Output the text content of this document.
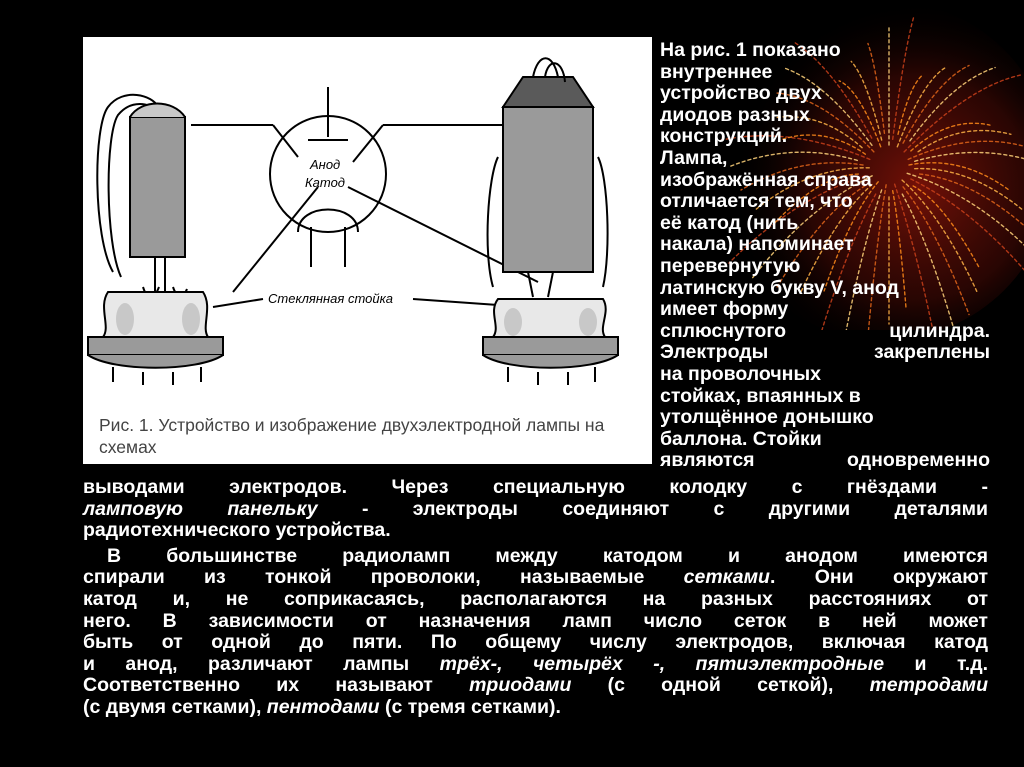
Анод
Катод
Стеклянная стойка
Рис. 1. Устройство и изображение двухэлектродной лампы на
схемах
На рис. 1 показано
внутреннее
устройство двух
диодов разных
конструкций.
Лампа,
изображённая справа
отличается тем, что
её катод (нить
накала) напоминает
перевернутую
латинскую букву V, анод
имеет форму
сплюснутого цилиндра.
Электроды закреплены
на проволочных
стойках, впаянных в
утолщённое донышко
баллона. Стойки
являются одновременно
выводами электродов. Через специальную колодку с гнёздами -
ламповую панельку - электроды соединяют с другими деталями
радиотехнического устройства.
В большинстве радиоламп между катодом и анодом имеются
спирали из тонкой проволоки, называемые сетками. Они окружают
катод и, не соприкасаясь, располагаются на разных расстояниях от
него. В зависимости от назначения ламп число сеток в ней может
быть от одной до пяти. По общему числу электродов, включая катод
и анод, различают лампы трёх-, четырёх -, пятиэлектродные и т.д.
Соответственно их называют триодами (с одной сеткой), тетродами
(с двумя сетками), пентодами (с тремя сетками).
